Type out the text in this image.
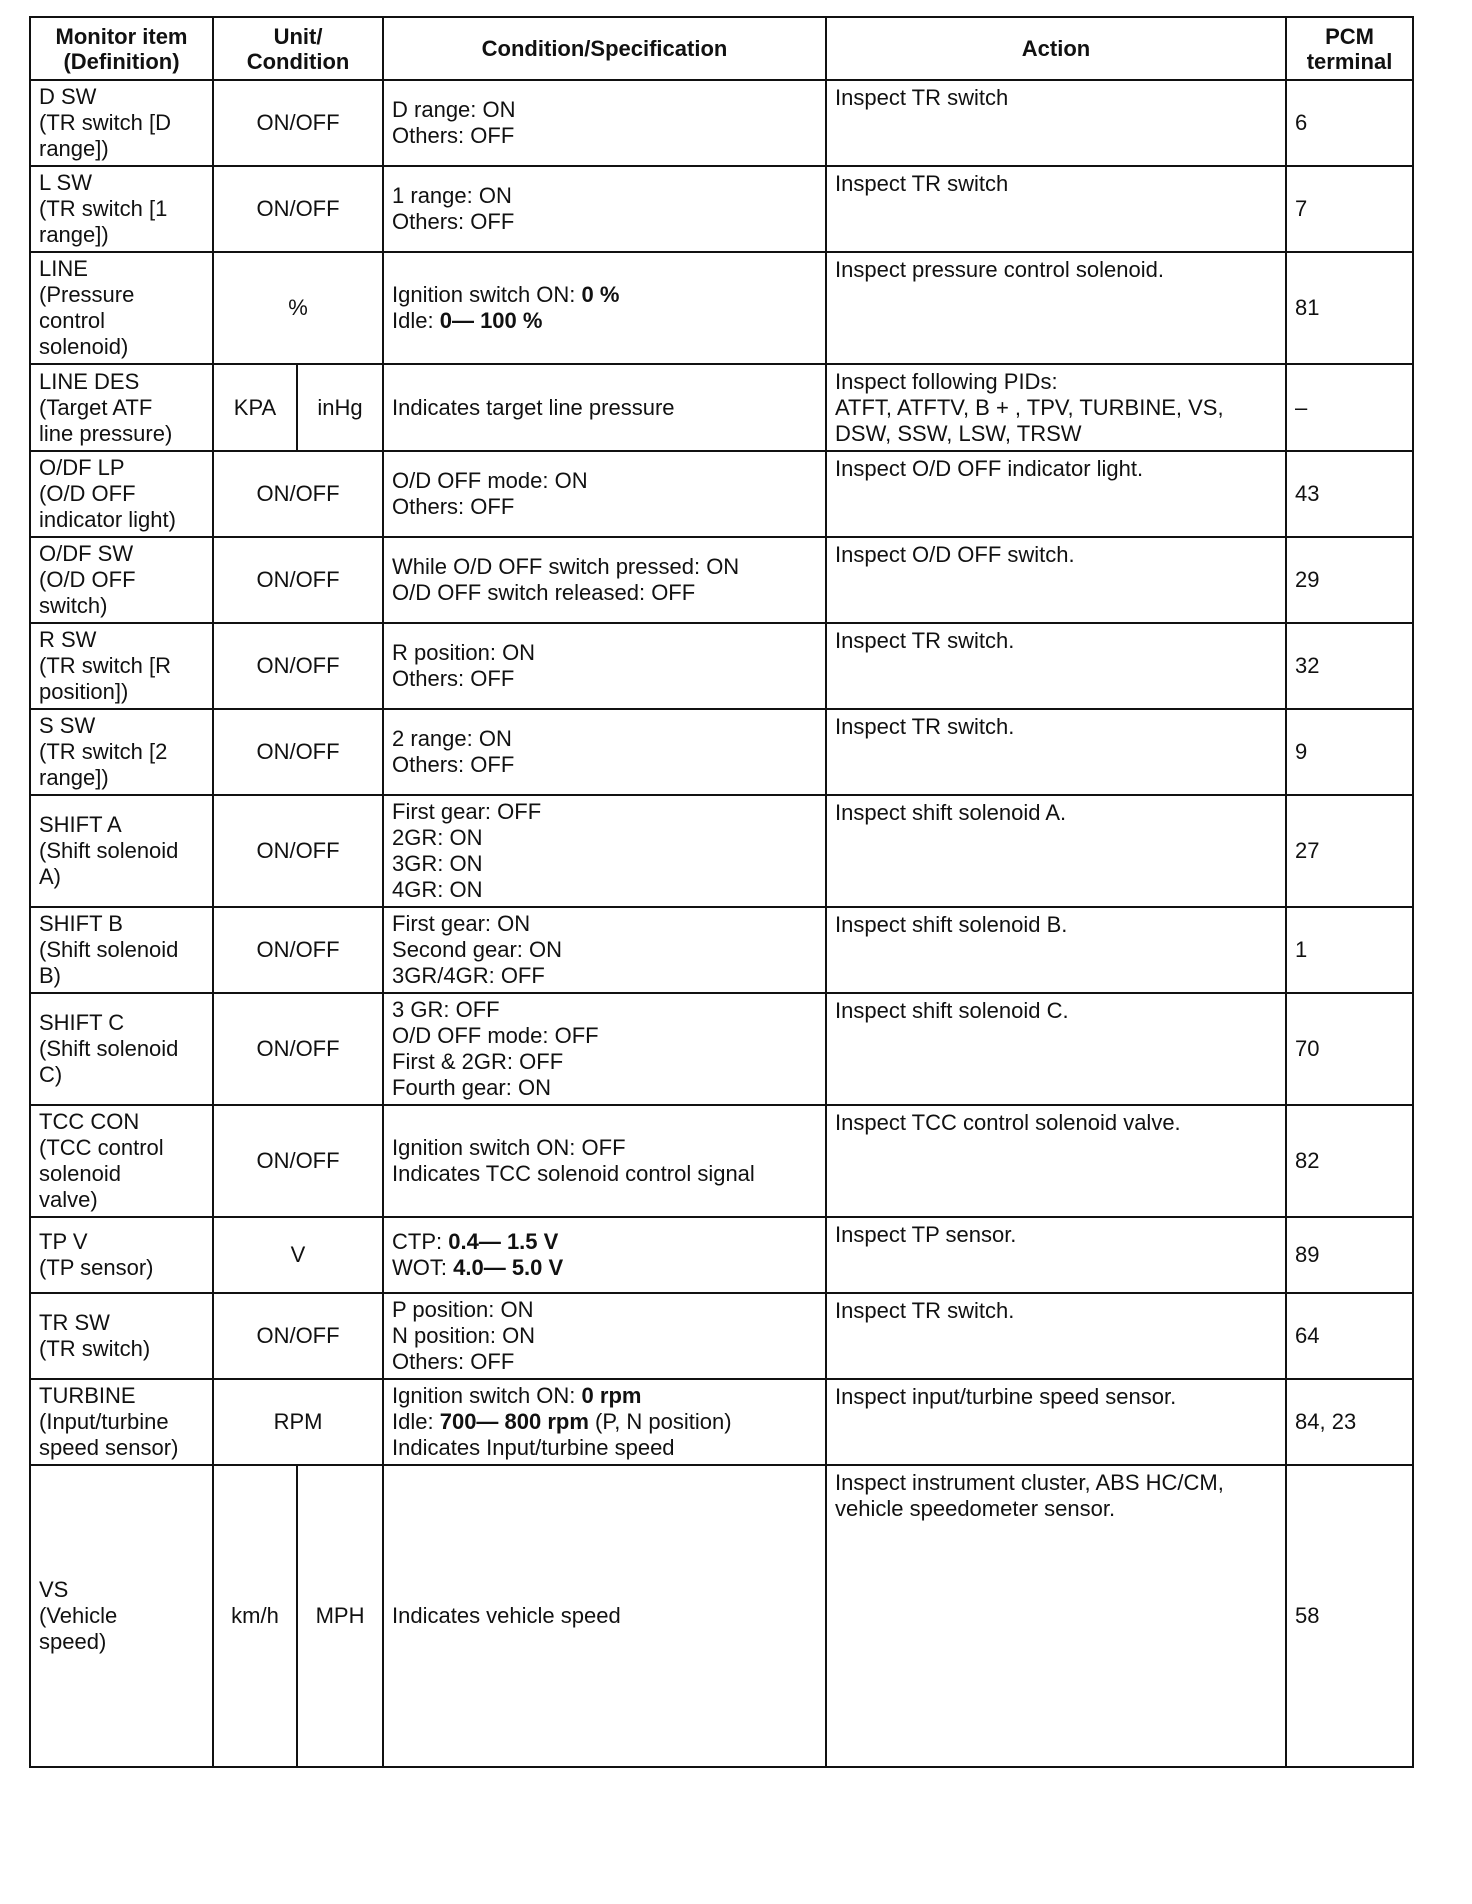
Monitor item
(Definition)	Unit/
Condition		Condition/Specification	Action	PCM
terminal

D SW
(TR switch [D
range])	ON/OFF		D range: ON
Others: OFF	Inspect TR switch	6

L SW
(TR switch [1
range])	ON/OFF		1 range: ON
Others: OFF	Inspect TR switch	7

LINE
(Pressure
control
solenoid)	%		Ignition switch ON: 0 %
Idle: 0— 100 %	Inspect pressure control solenoid.	81

LINE DES
(Target ATF
line pressure)	KPA	inHg	Indicates target line pressure	Inspect following PIDs:
ATFT, ATFTV, B + , TPV, TURBINE, VS,
DSW, SSW, LSW, TRSW	–

O/DF LP
(O/D OFF
indicator light)	ON/OFF		O/D OFF mode: ON
Others: OFF	Inspect O/D OFF indicator light.	43

O/DF SW
(O/D OFF
switch)	ON/OFF		While O/D OFF switch pressed: ON
O/D OFF switch released: OFF	Inspect O/D OFF switch.	29

R SW
(TR switch [R
position])	ON/OFF		R position: ON
Others: OFF	Inspect TR switch.	32

S SW
(TR switch [2
range])	ON/OFF		2 range: ON
Others: OFF	Inspect TR switch.	9

SHIFT A
(Shift solenoid
A)	ON/OFF		First gear: OFF
2GR: ON
3GR: ON
4GR: ON	Inspect shift solenoid A.	27

SHIFT B
(Shift solenoid
B)	ON/OFF		First gear: ON
Second gear: ON
3GR/4GR: OFF	Inspect shift solenoid B.	1

SHIFT C
(Shift solenoid
C)	ON/OFF		3 GR: OFF
O/D OFF mode: OFF
First & 2GR: OFF
Fourth gear: ON	Inspect shift solenoid C.	70

TCC CON
(TCC control
solenoid
valve)	ON/OFF		Ignition switch ON: OFF
Indicates TCC solenoid control signal	Inspect TCC control solenoid valve.	82

TP V
(TP sensor)	V		CTP: 0.4— 1.5 V
WOT: 4.0— 5.0 V	Inspect TP sensor.	89

TR SW
(TR switch)	ON/OFF		P position: ON
N position: ON
Others: OFF	Inspect TR switch.	64

TURBINE
(Input/turbine
speed sensor)	RPM		Ignition switch ON: 0 rpm
Idle: 700— 800 rpm (P, N position)
Indicates Input/turbine speed	Inspect input/turbine speed sensor.	84, 23

VS
(Vehicle
speed)	km/h	MPH	Indicates vehicle speed	Inspect instrument cluster, ABS HC/CM,
vehicle speedometer sensor.	58
